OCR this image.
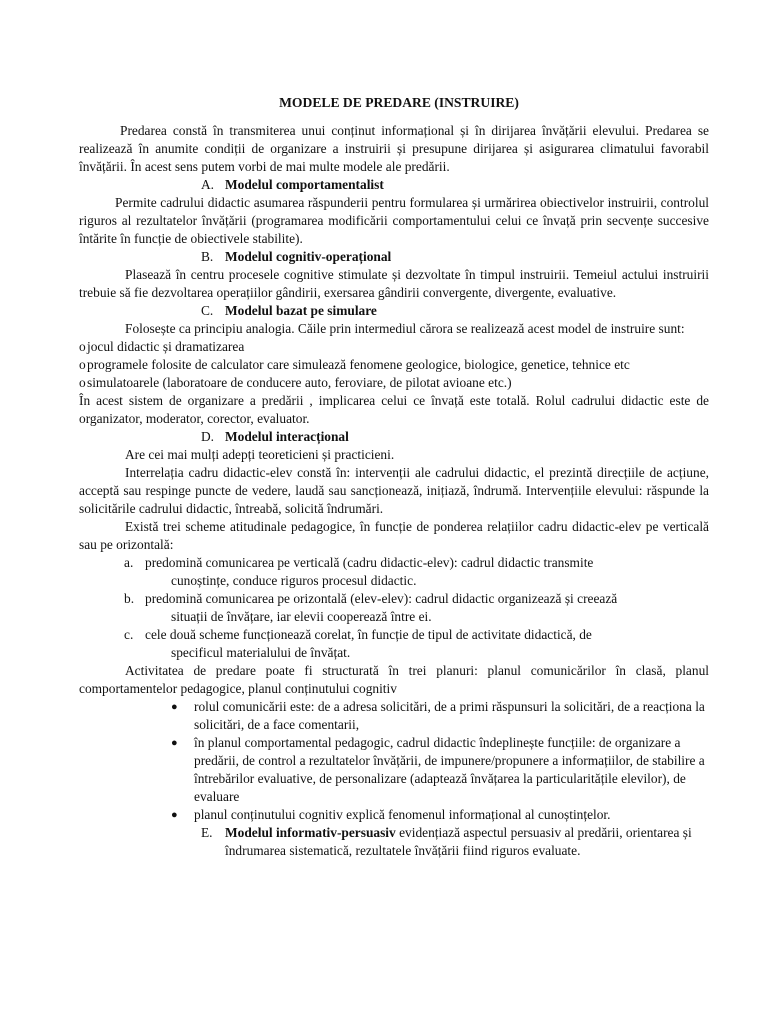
MODELE DE PREDARE (INSTRUIRE)

Predarea constă în transmiterea unui conținut informațional și în dirijarea învățării elevului. Predarea se realizează în anumite condiții de organizare a instruirii și presupune dirijarea și asigurarea climatului favorabil învățării. În acest sens putem vorbi de mai multe modele ale predării.

A. Modelul comportamentalist

Permite cadrului didactic asumarea răspunderii pentru formularea și urmărirea obiectivelor instruirii, controlul riguros al rezultatelor învățării (programarea modificării comportamentului celui ce învață prin secvențe succesive întărite în funcție de obiectivele stabilite).

B. Modelul cognitiv-operațional

Plasează în centru procesele cognitive stimulate și dezvoltate în timpul instruirii. Temeiul actului instruirii trebuie să fie dezvoltarea operațiilor gândirii, exersarea gândirii convergente, divergente, evaluative.

C. Modelul bazat pe simulare

Folosește ca principiu analogia. Căile prin intermediul cărora se realizează acest model de instruire sunt:

o jocul didactic și dramatizarea
o programele folosite de calculator care simulează fenomene geologice, biologice, genetice, tehnice etc
o simulatoarele (laboratoare de conducere auto, feroviare, de pilotat avioane etc.)

În acest sistem de organizare a predării , implicarea celui ce învață este totală. Rolul cadrului didactic este de organizator, moderator, corector, evaluator.

D. Modelul interacțional

Are cei mai mulți adepți teoreticieni și practicieni.

Interrelația cadru didactic-elev constă în: intervenții ale cadrului didactic, el prezintă direcțiile de acțiune, acceptă sau respinge puncte de vedere, laudă sau sancționează, inițiază, îndrumă. Intervențiile elevului: răspunde la solicitările cadrului didactic, întreabă, solicită îndrumări.

Există trei scheme atitudinale pedagogice, în funcție de ponderea relațiilor cadru didactic-elev pe verticală sau pe orizontală:

a. predomină comunicarea pe verticală (cadru didactic-elev): cadrul didactic transmite
cunoștințe, conduce riguros procesul didactic.
b. predomină comunicarea pe orizontală (elev-elev): cadrul didactic organizează și creează
situații de învățare, iar elevii cooperează între ei.
c. cele două scheme funcționează corelat, în funcție de tipul de activitate didactică, de
specificul materialului de învățat.

Activitatea de predare poate fi structurată în trei planuri: planul comunicărilor în clasă, planul comportamentelor pedagogice, planul conținutului cognitiv

●	rolul comunicării este: de a adresa solicitări, de a primi răspunsuri la solicitări, de a reacționa la solicitări, de a face comentarii,
●	în planul comportamental pedagogic, cadrul didactic îndeplinește funcțiile: de organizare a predării, de control a rezultatelor învățării, de impunere/propunere a informațiilor, de stabilire a întrebărilor evaluative, de personalizare (adaptează învățarea la particularitățile elevilor), de evaluare
●	planul conținutului cognitiv explică fenomenul informațional al cunoștințelor.
E. Modelul informativ-persuasiv evidențiază aspectul persuasiv al predării, orientarea și îndrumarea sistematică, rezultatele învățării fiind riguros evaluate.
